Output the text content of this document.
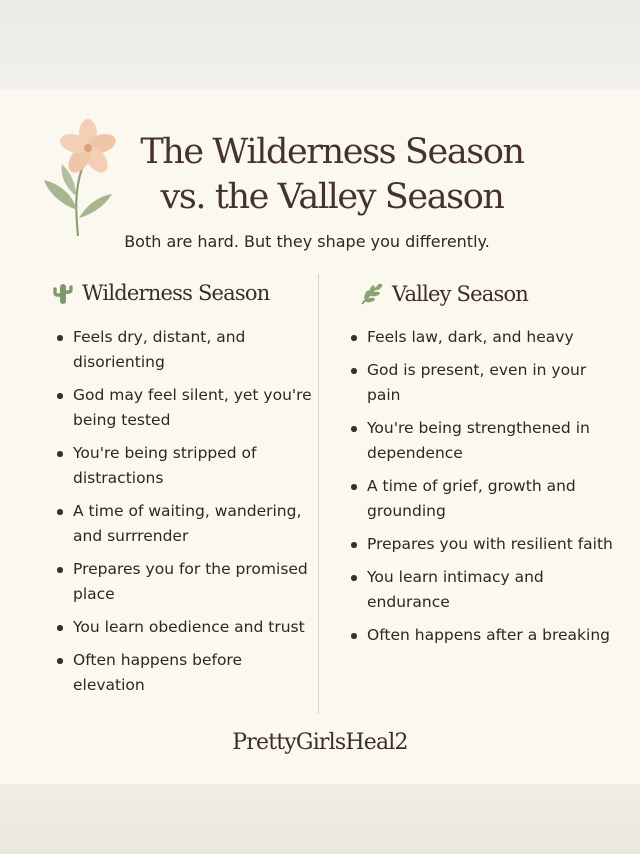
The Wilderness Season
vs. the Valley Season
Both are hard. But they shape you differently.
Wilderness Season	Valley Season
Feels dry, distant, and disorienting
God may feel silent, yet you're being tested
You're being stripped of distractions
A time of waiting, wandering, and surrrender
Prepares you for the promised place
You learn obedience and trust
Often happens before elevation
Feels law, dark, and heavy
God is present, even in your pain
You're being strengthened in dependence
A time of grief, growth and grounding
Prepares you with resilient faith
You learn intimacy and endurance
Often happens after a breaking
PrettyGirlsHeal2
